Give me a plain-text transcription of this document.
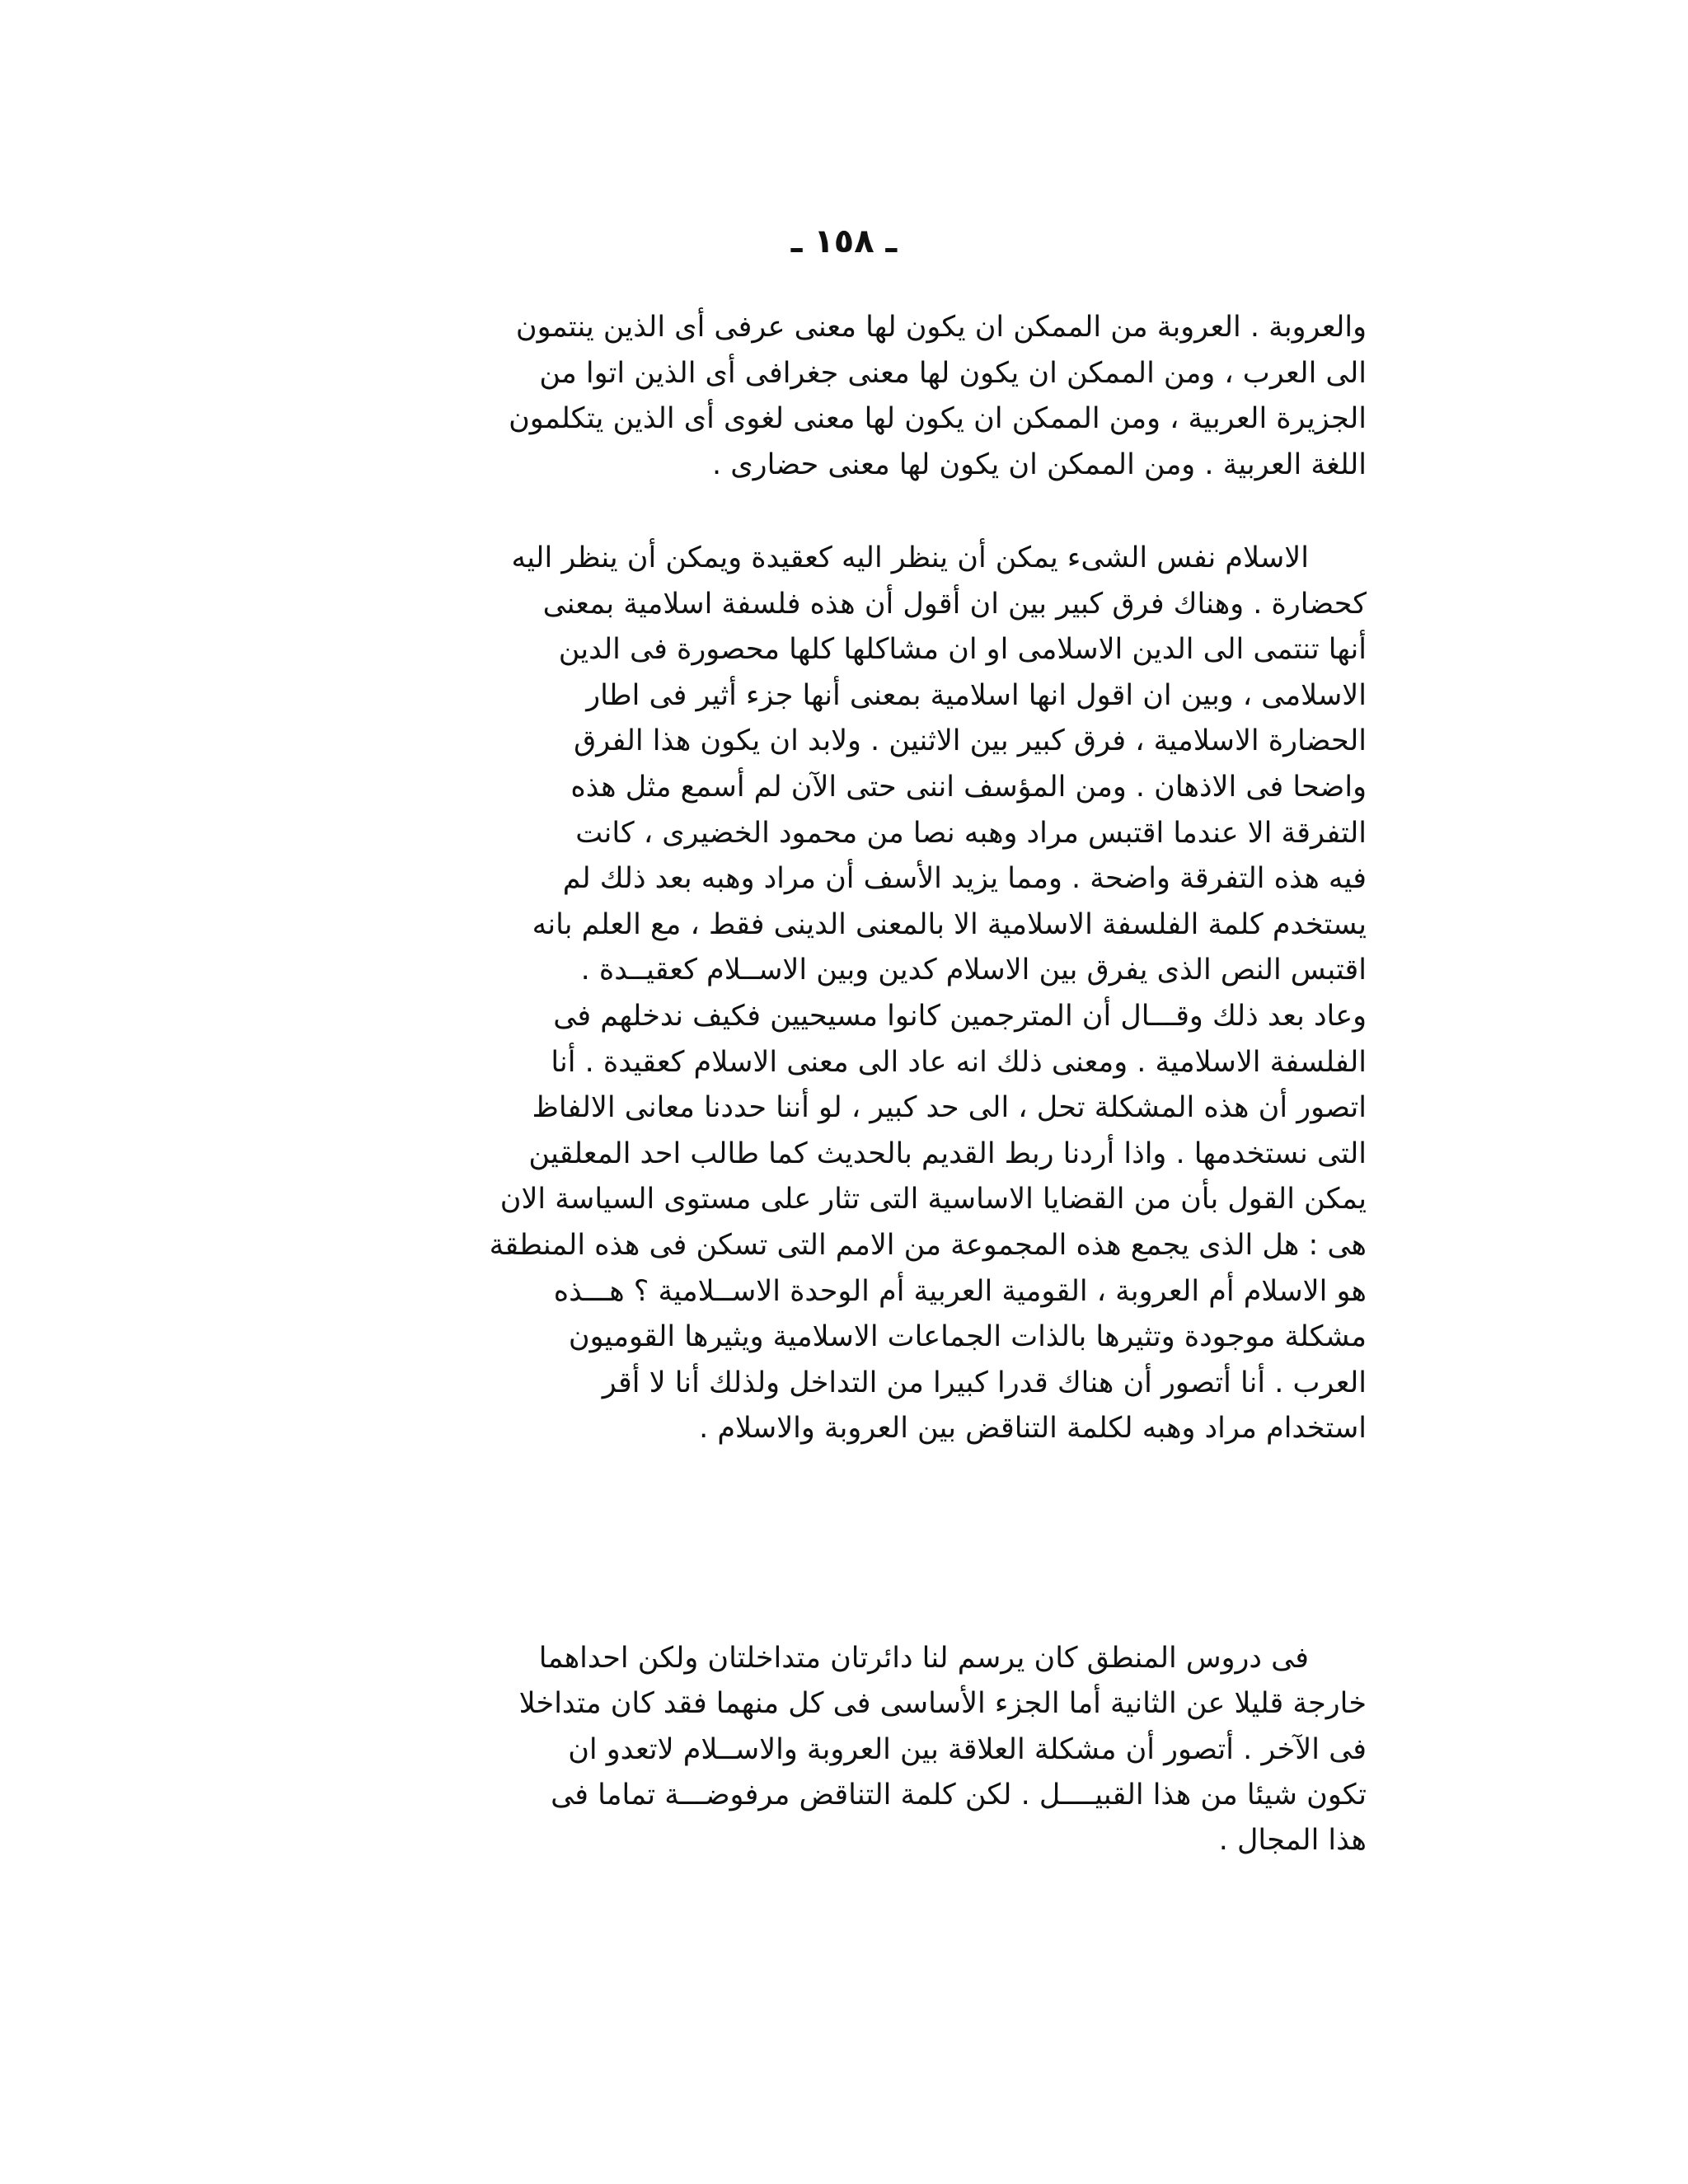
ـ ١٥٨ ـ
والعروبة . العروبة من الممكن ان يكون لها معنى عرفى أى الذين ينتمون
الى العرب ، ومن الممكن ان يكون لها معنى جغرافى أى الذين اتوا من
الجزيرة العربية ، ومن الممكن ان يكون لها معنى لغوى أى الذين يتكلمون
اللغة العربية . ومن الممكن ان يكون لها معنى حضارى .
الاسلام نفس الشىء يمكن أن ينظر اليه كعقيدة ويمكن أن ينظر اليه
كحضارة . وهناك فرق كبير بين ان أقول أن هذه فلسفة اسلامية بمعنى
أنها تنتمى الى الدين الاسلامى او ان مشاكلها كلها محصورة فى الدين
الاسلامى ، وبين ان اقول انها اسلامية بمعنى أنها جزء أثير فى اطار
الحضارة الاسلامية ، فرق كبير بين الاثنين . ولابد ان يكون هذا الفرق
واضحا فى الاذهان . ومن المؤسف اننى حتى الآن لم أسمع مثل هذه
التفرقة الا عندما اقتبس مراد وهبه نصا من محمود الخضيرى ، كانت
فيه هذه التفرقة واضحة . ومما يزيد الأسف أن مراد وهبه بعد ذلك لم
يستخدم كلمة الفلسفة الاسلامية الا بالمعنى الدينى فقط ، مع العلم بانه
اقتبس النص الذى يفرق بين الاسلام كدين وبين الاســلام كعقيــدة .
وعاد بعد ذلك وقـــال أن المترجمين كانوا مسيحيين فكيف ندخلهم فى
الفلسفة الاسلامية . ومعنى ذلك انه عاد الى معنى الاسلام كعقيدة . أنا
اتصور أن هذه المشكلة تحل ، الى حد كبير ، لو أننا حددنا معانى الالفاظ
التى نستخدمها . واذا أردنا ربط القديم بالحديث كما طالب احد المعلقين
يمكن القول بأن من القضايا الاساسية التى تثار على مستوى السياسة الان
هى : هل الذى يجمع هذه المجموعة من الامم التى تسكن فى هذه المنطقة
هو الاسلام أم العروبة ، القومية العربية أم الوحدة الاســلامية ؟ هـــذه
مشكلة موجودة وتثيرها بالذات الجماعات الاسلامية ويثيرها القوميون
العرب . أنا أتصور أن هناك قدرا كبيرا من التداخل ولذلك أنا لا أقر
استخدام مراد وهبه لكلمة التناقض بين العروبة والاسلام .
فى دروس المنطق كان يرسم لنا دائرتان متداخلتان ولكن احداهما
خارجة قليلا عن الثانية أما الجزء الأساسى فى كل منهما فقد كان متداخلا
فى الآخر . أتصور أن مشكلة العلاقة بين العروبة والاســلام لاتعدو ان
تكون شيئا من هذا القبيــــل . لكن كلمة التناقض مرفوضـــة تماما فى
هذا المجال .
